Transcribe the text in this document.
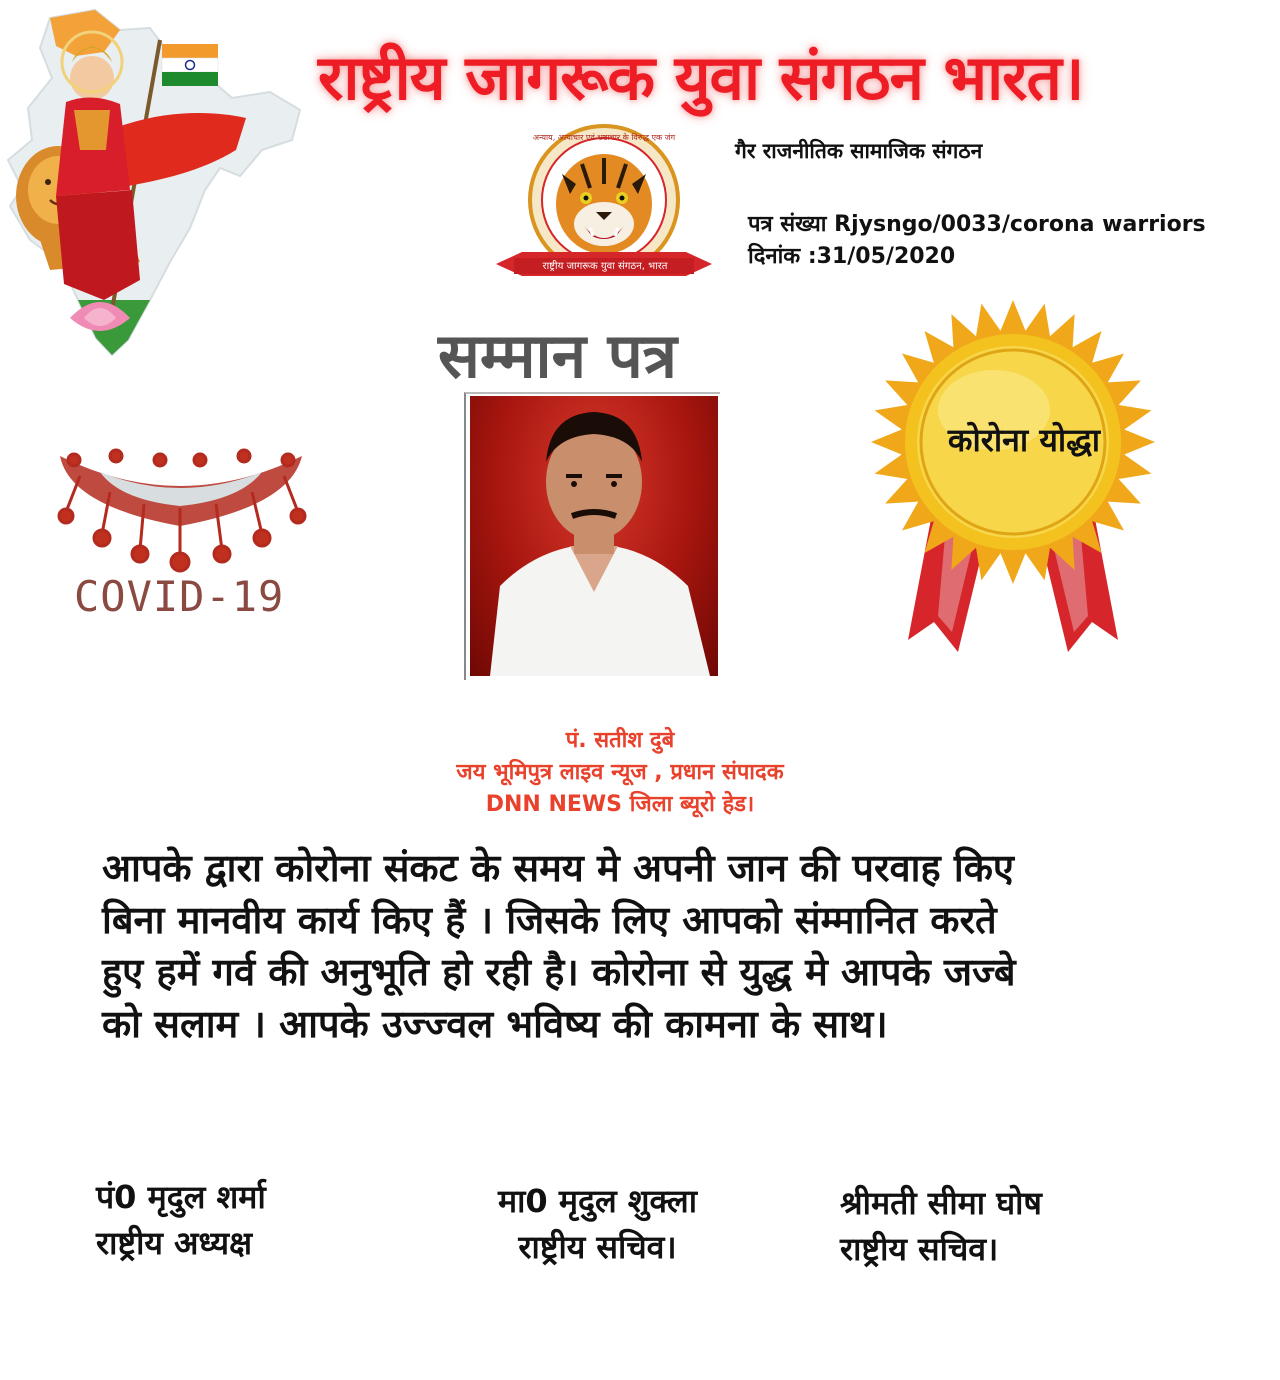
राष्ट्रीय जागरूक युवा संगठन भारत।
गैर राजनीतिक सामाजिक संगठन
पत्र संख्या Rjysngo/0033/corona warriors
दिनांक :31/05/2020
राष्ट्रीय जागरूक युवा संगठन, भारत
अन्याय, अत्याचार एवं भ्रष्टाचार के विरुद्ध एक जंग
सम्मान पत्र
COVID-19
कोरोना योद्धा
पं. सतीश दुबे
जय भूमिपुत्र लाइव न्यूज , प्रधान संपादक
DNN NEWS जिला ब्यूरो हेड।
आपके द्वारा कोरोना संकट के समय मे अपनी जान की परवाह किए
बिना मानवीय कार्य किए हैं । जिसके लिए आपको संम्मानित करते
हुए हमें गर्व की अनुभूति हो रही है। कोरोना से युद्ध मे आपके जज्बे
को सलाम । आपके उज्ज्वल भविष्य की कामना के साथ।
पं0 मृदुल शर्मा
राष्ट्रीय अध्यक्ष
मा0 मृदुल शुक्ला
राष्ट्रीय सचिव।
श्रीमती सीमा घोष
राष्ट्रीय सचिव।
